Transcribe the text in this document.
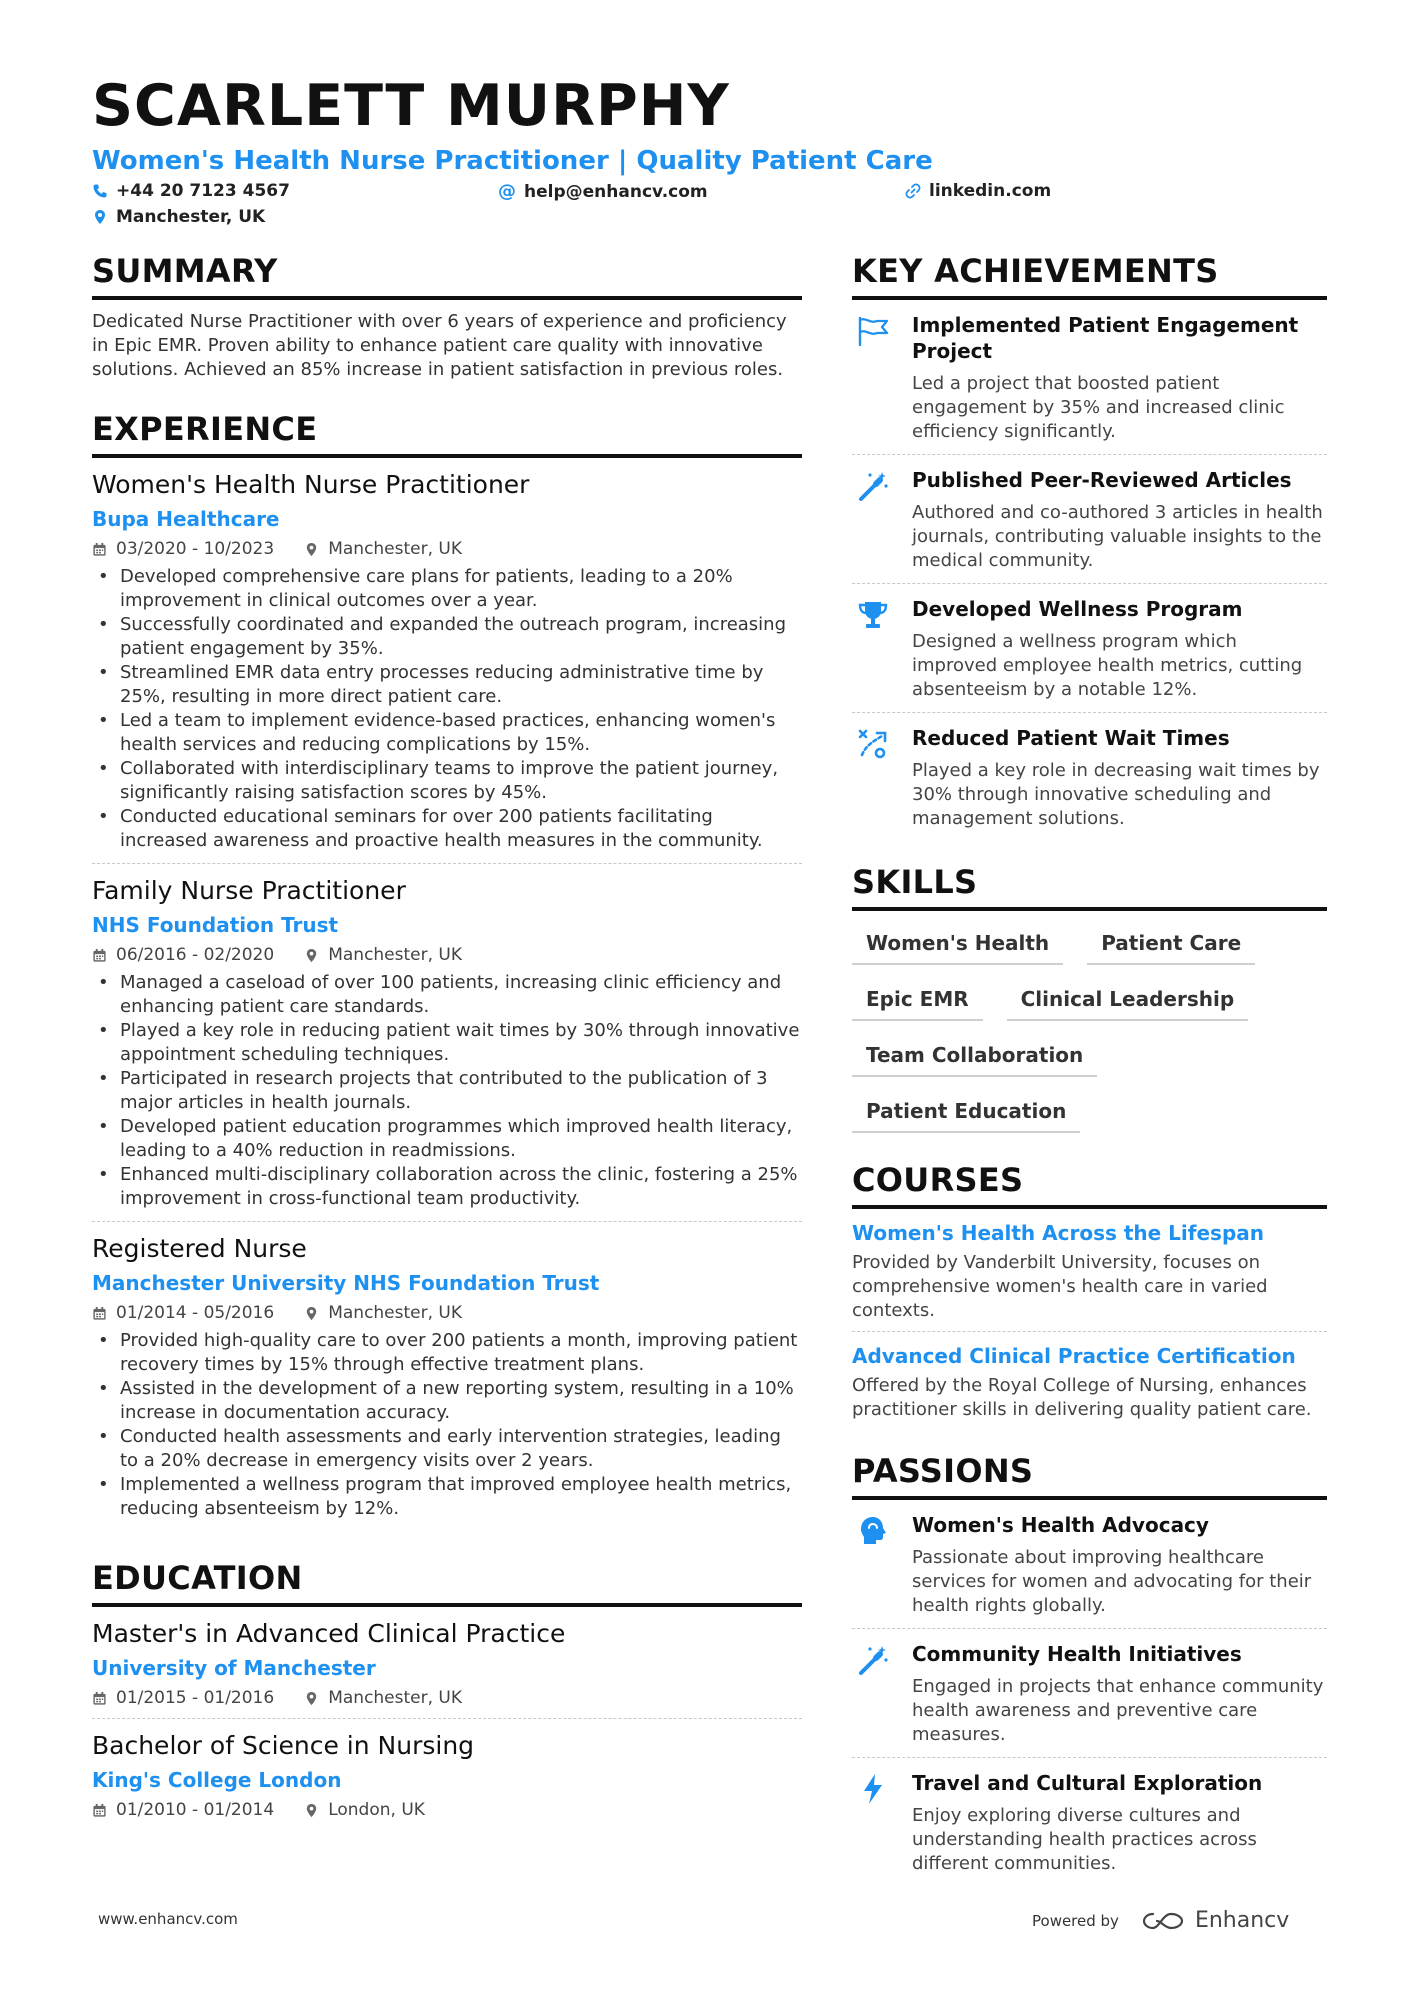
SCARLETT MURPHY
Women's Health Nurse Practitioner | Quality Patient Care
+44 20 7123 4567	@ help@enhancv.com	linkedin.com
Manchester, UK
SUMMARY
Dedicated Nurse Practitioner with over 6 years of experience and proficiency in Epic EMR. Proven ability to enhance patient care quality with innovative solutions. Achieved an 85% increase in patient satisfaction in previous roles.
EXPERIENCE
Women's Health Nurse Practitioner
Bupa Healthcare
03/2020 - 10/2023	Manchester, UK
• Developed comprehensive care plans for patients, leading to a 20% improvement in clinical outcomes over a year.
• Successfully coordinated and expanded the outreach program, increasing patient engagement by 35%.
• Streamlined EMR data entry processes reducing administrative time by 25%, resulting in more direct patient care.
• Led a team to implement evidence-based practices, enhancing women's health services and reducing complications by 15%.
• Collaborated with interdisciplinary teams to improve the patient journey, significantly raising satisfaction scores by 45%.
• Conducted educational seminars for over 200 patients facilitating increased awareness and proactive health measures in the community.
Family Nurse Practitioner
NHS Foundation Trust
06/2016 - 02/2020	Manchester, UK
• Managed a caseload of over 100 patients, increasing clinic efficiency and enhancing patient care standards.
• Played a key role in reducing patient wait times by 30% through innovative appointment scheduling techniques.
• Participated in research projects that contributed to the publication of 3 major articles in health journals.
• Developed patient education programmes which improved health literacy, leading to a 40% reduction in readmissions.
• Enhanced multi-disciplinary collaboration across the clinic, fostering a 25% improvement in cross-functional team productivity.
Registered Nurse
Manchester University NHS Foundation Trust
01/2014 - 05/2016	Manchester, UK
• Provided high-quality care to over 200 patients a month, improving patient recovery times by 15% through effective treatment plans.
• Assisted in the development of a new reporting system, resulting in a 10% increase in documentation accuracy.
• Conducted health assessments and early intervention strategies, leading to a 20% decrease in emergency visits over 2 years.
• Implemented a wellness program that improved employee health metrics, reducing absenteeism by 12%.
EDUCATION
Master's in Advanced Clinical Practice
University of Manchester
01/2015 - 01/2016	Manchester, UK
Bachelor of Science in Nursing
King's College London
01/2010 - 01/2014	London, UK
KEY ACHIEVEMENTS
Implemented Patient Engagement Project
Led a project that boosted patient engagement by 35% and increased clinic efficiency significantly.
Published Peer-Reviewed Articles
Authored and co-authored 3 articles in health journals, contributing valuable insights to the medical community.
Developed Wellness Program
Designed a wellness program which improved employee health metrics, cutting absenteeism by a notable 12%.
Reduced Patient Wait Times
Played a key role in decreasing wait times by 30% through innovative scheduling and management solutions.
SKILLS
Women's Health	Patient Care
Epic EMR	Clinical Leadership
Team Collaboration
Patient Education
COURSES
Women's Health Across the Lifespan
Provided by Vanderbilt University, focuses on comprehensive women's health care in varied contexts.
Advanced Clinical Practice Certification
Offered by the Royal College of Nursing, enhances practitioner skills in delivering quality patient care.
PASSIONS
Women's Health Advocacy
Passionate about improving healthcare services for women and advocating for their health rights globally.
Community Health Initiatives
Engaged in projects that enhance community health awareness and preventive care measures.
Travel and Cultural Exploration
Enjoy exploring diverse cultures and understanding health practices across different communities.
www.enhancv.com	Powered by	Enhancv
